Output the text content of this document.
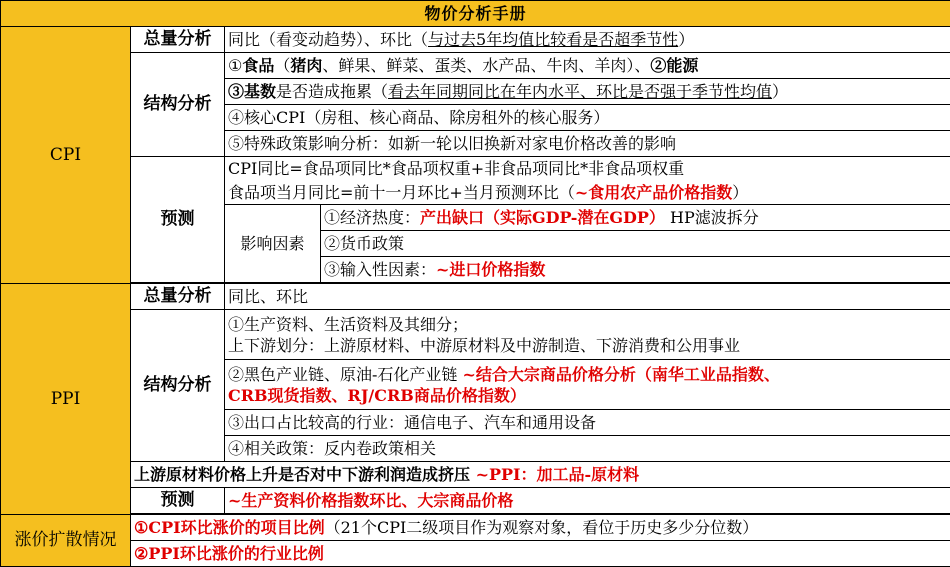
物价分析手册			
CPI	总量分析	同比（看变动趋势）、环比（与过去5年均值比较看是否超季节性）	
	结构分析	①食品（猪肉、鲜果、鲜菜、蛋类、水产品、牛肉、羊肉）、②能源	
		③基数是否造成拖累（看去年同期同比在年内水平、环比是否强于季节性均值）	
		④核心CPI（房租、核心商品、除房租外的核心服务）	
		⑤特殊政策影响分析：如新一轮以旧换新对家电价格改善的影响	
	预测	CPI同比=食品项同比*食品项权重+非食品项同比*非食品项权重	
		食品项当月同比=前十一月环比+当月预测环比（~食用农产品价格指数）	
		影响因素	①经济热度：产出缺口（实际GDP-潜在GDP） HP滤波拆分
			②货币政策
			③输入性因素：~进口价格指数

PPI	总量分析	同比、环比	
	结构分析	①生产资料、生活资料及其细分；
上下游划分：上游原材料、中游原材料及中游制造、下游消费和公用事业	

		②黑色产业链、原油-石化产业链 ~结合大宗商品价格分析（南华工业品指数、
CRB现货指数、RJ/CRB商品价格指数）	

		③出口占比较高的行业：通信电子、汽车和通用设备	
		④相关政策：反内卷政策相关	
	上游原材料价格上升是否对中下游利润造成挤压 ~PPI：加工品-原材料		
	预测	~生产资料价格指数环比、大宗商品价格	

涨价扩散情况	①CPI环比涨价的项目比例（21个CPI二级项目作为观察对象，看位于历史多少分位数）		
	②PPI环比涨价的行业比例		
